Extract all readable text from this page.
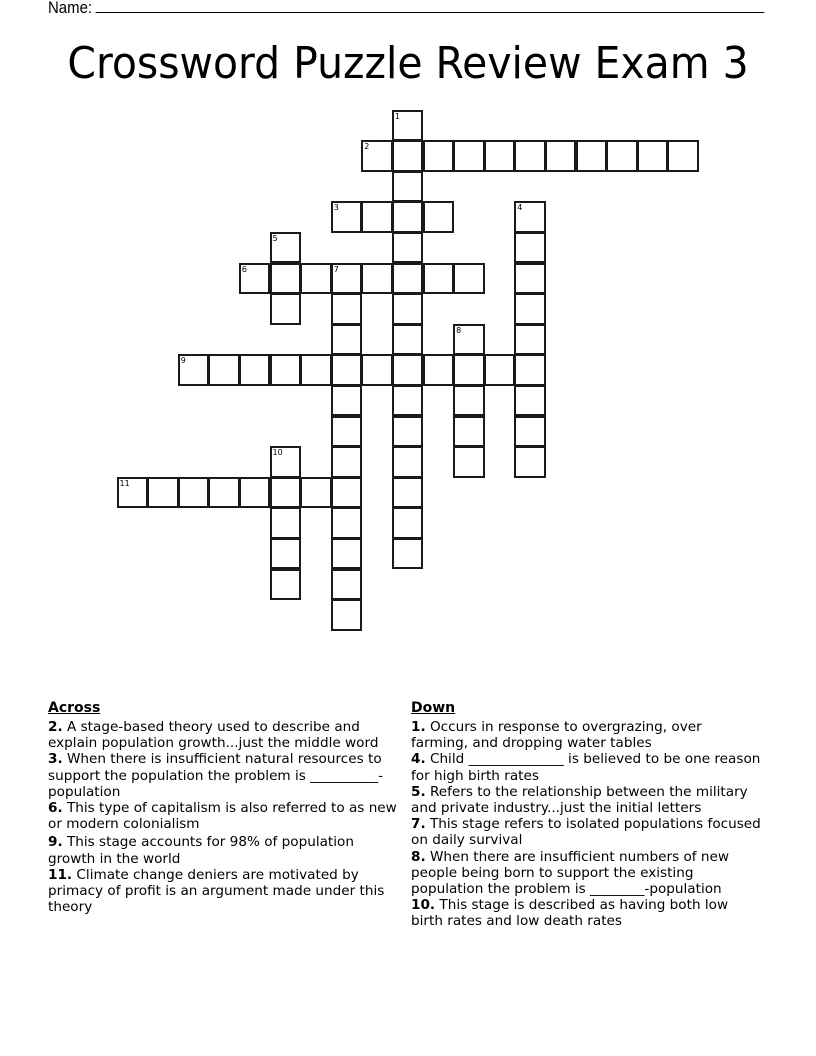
Name:
Crossword Puzzle Review Exam 3
1
2
3	4
5
6	7
8
9
10
11
Across

2. A stage-based theory used to describe and explain population growth...just the middle word

3. When there is insufficient natural resources to support the population the problem is __________-population

6. This type of capitalism is also referred to as new or modern colonialism

9. This stage accounts for 98% of population growth in the world

11. Climate change deniers are motivated by primacy of profit is an argument made under this theory

Down

1. Occurs in response to overgrazing, over farming, and dropping water tables

4. Child ______________ is believed to be one reason for high birth rates

5. Refers to the relationship between the military and private industry...just the initial letters

7. This stage refers to isolated populations focused on daily survival

8. When there are insufficient numbers of new people being born to support the existing population the problem is ________-population

10. This stage is described as having both low birth rates and low death rates
